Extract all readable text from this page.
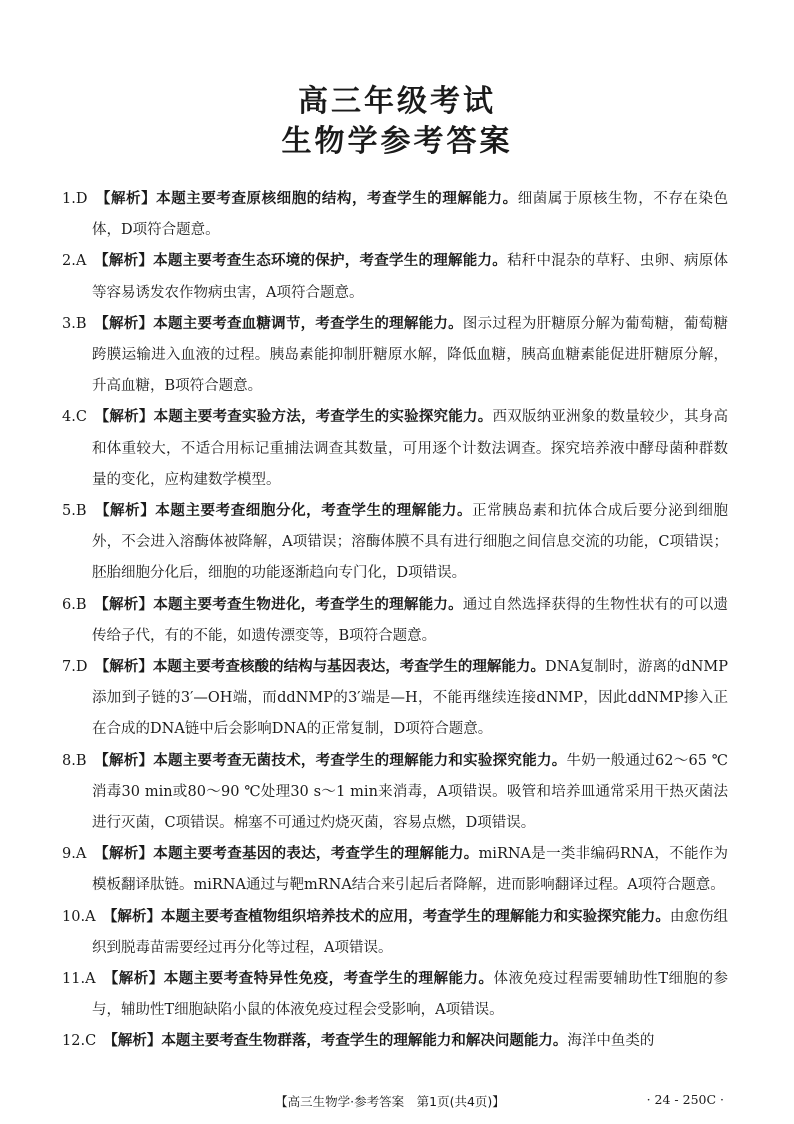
高三年级考试
生物学参考答案

1.D　 【解析】本题主要考查原核细胞的结构，考查学生的理解能力。细菌属于原核生物，不存在染色体，D项符合题意。

2.A　 【解析】本题主要考查生态环境的保护，考查学生的理解能力。秸秆中混杂的草籽、虫卵、病原体等容易诱发农作物病虫害，A项符合题意。

3.B　 【解析】本题主要考查血糖调节，考查学生的理解能力。图示过程为肝糖原分解为葡萄糖，葡萄糖跨膜运输进入血液的过程。胰岛素能抑制肝糖原水解，降低血糖，胰高血糖素能促进肝糖原分解，升高血糖，B项符合题意。

4.C　 【解析】本题主要考查实验方法，考查学生的实验探究能力。西双版纳亚洲象的数量较少，其身高和体重较大，不适合用标记重捕法调查其数量，可用逐个计数法调查。探究培养液中酵母菌种群数量的变化，应构建数学模型。

5.B　 【解析】本题主要考查细胞分化，考查学生的理解能力。正常胰岛素和抗体合成后要分泌到细胞外，不会进入溶酶体被降解，A项错误；溶酶体膜不具有进行细胞之间信息交流的功能，C项错误；胚胎细胞分化后，细胞的功能逐渐趋向专门化，D项错误。

6.B　 【解析】本题主要考查生物进化，考查学生的理解能力。通过自然选择获得的生物性状有的可以遗传给子代，有的不能，如遗传漂变等，B项符合题意。

7.D　 【解析】本题主要考查核酸的结构与基因表达，考查学生的理解能力。DNA复制时，游离的dNMP添加到子链的3′—OH端，而ddNMP的3′端是—H，不能再继续连接dNMP，因此ddNMP掺入正在合成的DNA链中后会影响DNA的正常复制，D项符合题意。

8.B　 【解析】本题主要考查无菌技术，考查学生的理解能力和实验探究能力。牛奶一般通过62～65 ℃消毒30 min或80～90 ℃处理30 s～1 min来消毒，A项错误。吸管和培养皿通常采用干热灭菌法进行灭菌，C项错误。棉塞不可通过灼烧灭菌，容易点燃，D项错误。

9.A　 【解析】本题主要考查基因的表达，考查学生的理解能力。miRNA是一类非编码RNA，不能作为模板翻译肽链。miRNA通过与靶mRNA结合来引起后者降解，进而影响翻译过程。A项符合题意。

10.A　 【解析】本题主要考查植物组织培养技术的应用，考查学生的理解能力和实验探究能力。由愈伤组织到脱毒苗需要经过再分化等过程，A项错误。

11.A　 【解析】本题主要考查特异性免疫，考查学生的理解能力。体液免疫过程需要辅助性T细胞的参与，辅助性T细胞缺陷小鼠的体液免疫过程会受影响，A项错误。

12.C　 【解析】本题主要考查生物群落，考查学生的理解能力和解决问题能力。海洋中鱼类的

【高三生物学·参考答案　第1页(共4页)】	· 24 - 250C ·
